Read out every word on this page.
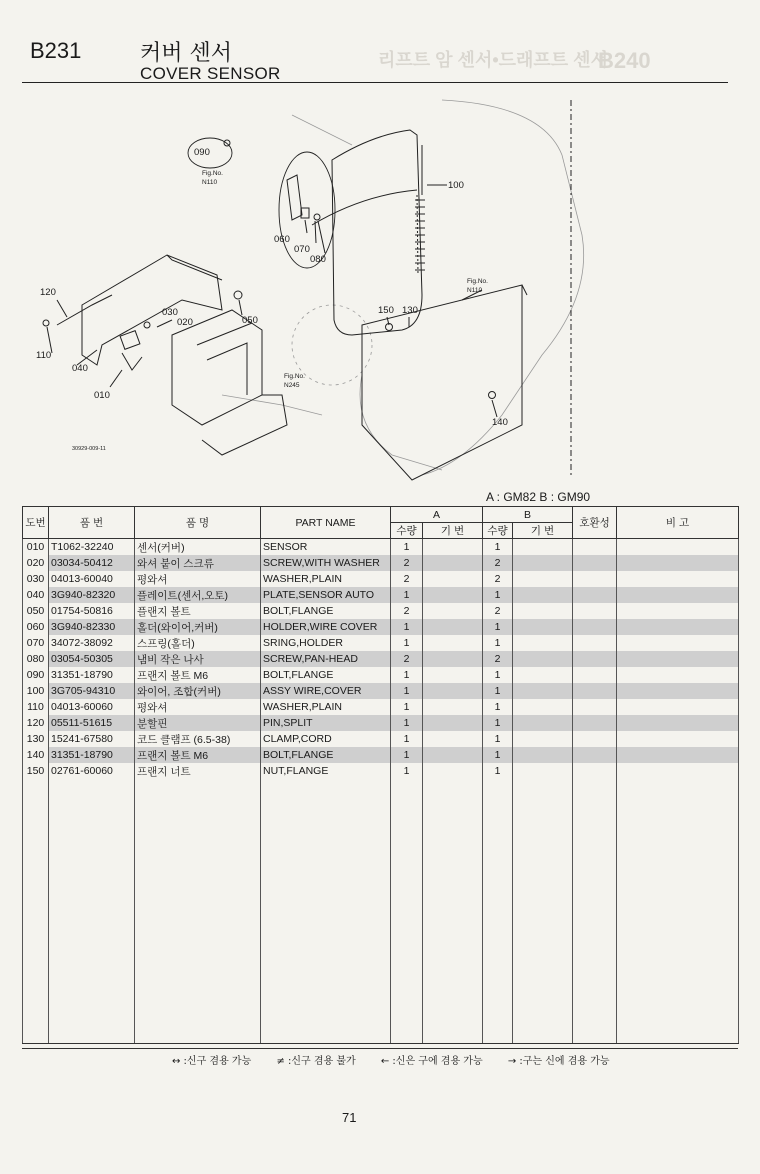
B240
리프트 암 센서•드래프트 센서
B231	커버 센서
COVER SENSOR
090
100
060
070
080
120
030
020	050
150 130
110
040
010
140
Fig.No.
N110
Fig.No.
N110
Fig.No.
N245
30929-009-11
A : GM82 B : GM90
도번	품 번	품 명	PART NAME	A		B		호환성	비 고
				수량	기 번	수량	기 번		
010	T1062-32240	센서(커버)	SENSOR	1		1			
020	03034-50412	와셔 붙이 스크류	SCREW,WITH WASHER	2		2			
030	04013-60040	평와셔	WASHER,PLAIN	2		2			
040	3G940-82320	플레이트(센서,오토)	PLATE,SENSOR AUTO	1		1			
050	01754-50816	플랜지 볼트	BOLT,FLANGE	2		2			
060	3G940-82330	홀더(와이어,커버)	HOLDER,WIRE COVER	1		1			
070	34072-38092	스프링(홀더)	SRING,HOLDER	1		1			
080	03054-50305	냄비 작은 나사	SCREW,PAN-HEAD	2		2			
090	31351-18790	프랜지 볼트 M6	BOLT,FLANGE	1		1			
100	3G705-94310	와이어, 조합(커버)	ASSY WIRE,COVER	1		1			
110	04013-60060	평와셔	WASHER,PLAIN	1		1			
120	05511-51615	분할핀	PIN,SPLIT	1		1			
130	15241-67580	코드 클램프 (6.5-38)	CLAMP,CORD	1		1			
140	31351-18790	프랜지 볼트 M6	BOLT,FLANGE	1		1			
150	02761-60060	프랜지 너트	NUT,FLANGE	1		1			

↔ :신구 겸용 가능	≠ :신구 겸용 불가	← :신은 구에 겸용 가능	→ :구는 신에 겸용 가능
71
